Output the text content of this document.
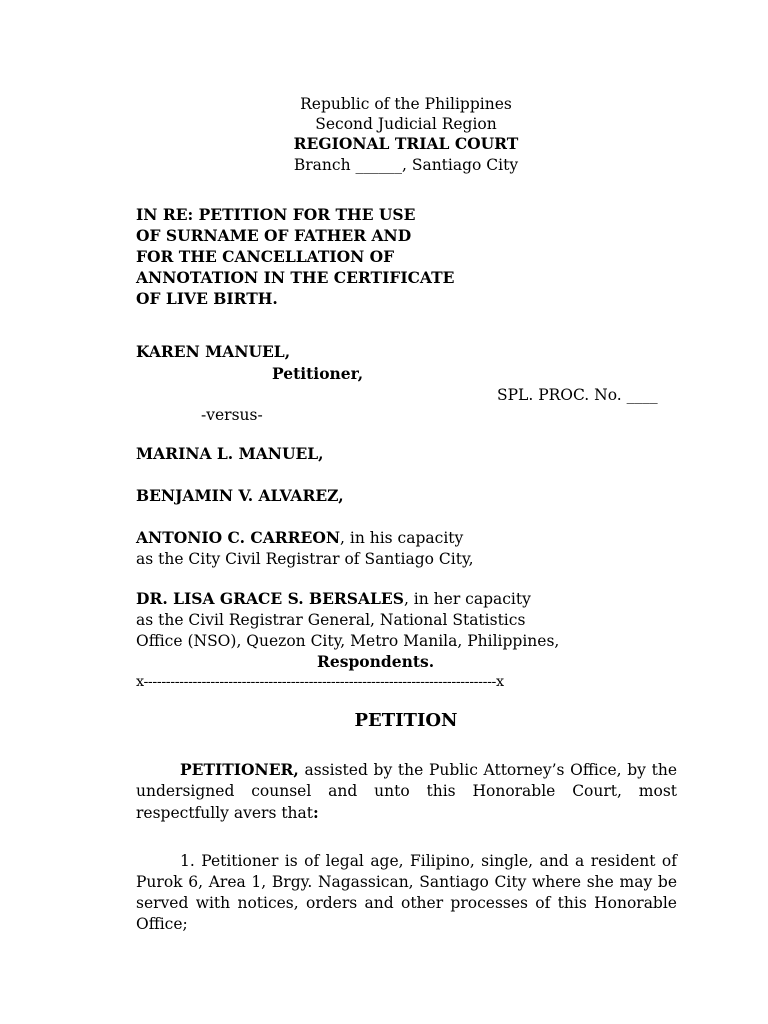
Republic of the Philippines
Second Judicial Region
REGIONAL TRIAL COURT
Branch ______, Santiago City
IN RE: PETITION FOR THE USE
OF SURNAME OF FATHER AND
FOR THE CANCELLATION OF
ANNOTATION IN THE CERTIFICATE
OF LIVE BIRTH.
KAREN MANUEL,
Petitioner,
SPL. PROC. No. ____
-versus-
MARINA L. MANUEL,
BENJAMIN V. ALVAREZ,
ANTONIO C. CARREON, in his capacity
as the City Civil Registrar of Santiago City,
DR. LISA GRACE S. BERSALES, in her capacity
as the Civil Registrar General, National Statistics
Office (NSO), Quezon City, Metro Manila, Philippines,
Respondents.
x-------------------------------------------------------------------------------x
PETITION
PETITIONER, assisted by the Public Attorney’s Office, by the undersigned counsel and unto this Honorable Court, most respectfully avers that:
1. Petitioner is of legal age, Filipino, single, and a resident of Purok 6, Area 1, Brgy. Nagassican, Santiago City where she may be served with notices, orders and other processes of this Honorable Office;
